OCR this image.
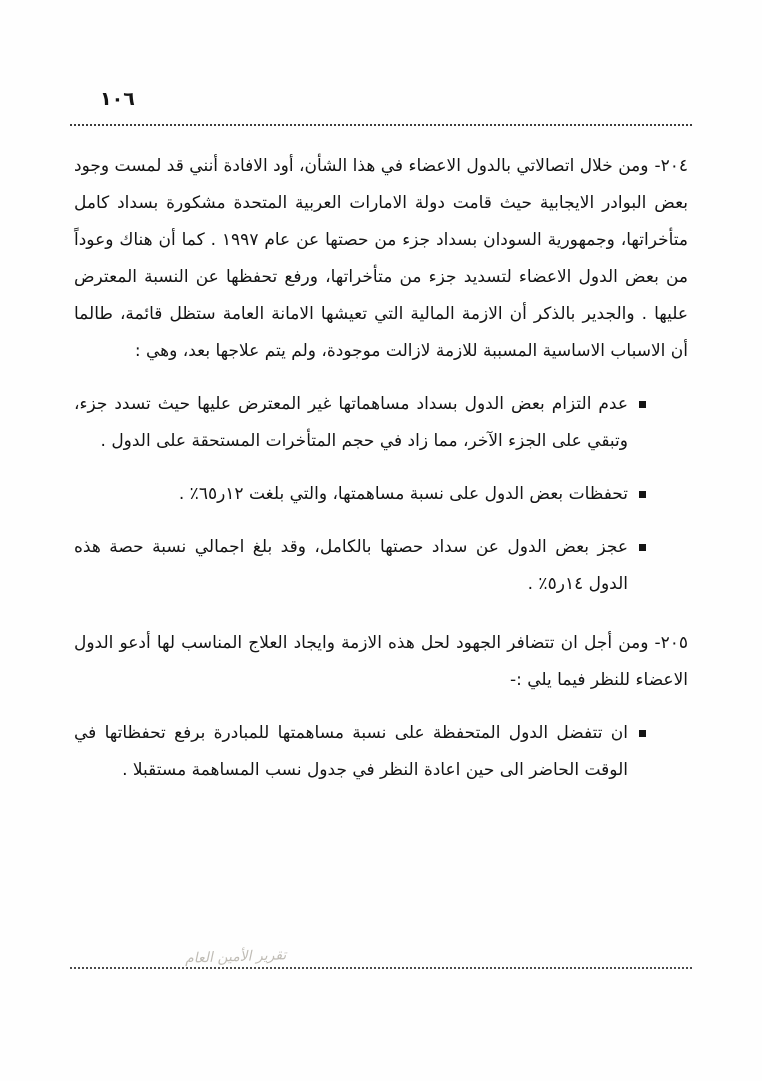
١٠٦

٢٠٤-ومن خلال اتصالاتي بالدول الاعضاء في هذا الشأن، أود الافادة أنني قد لمست وجود بعض البوادر الايجابية حيث قامت دولة الامارات العربية المتحدة مشكورة بسداد كامل متأخراتها، وجمهورية السودان بسداد جزء من حصتها عن عام ١٩٩٧ . كما أن هناك وعوداً من بعض الدول الاعضاء لتسديد جزء من متأخراتها، ورفع تحفظها عن النسبة المعترض عليها . والجدير بالذكر أن الازمة المالية التي تعيشها الامانة العامة ستظل قائمة، طالما أن الاسباب الاساسية المسببة للازمة لازالت موجودة، ولم يتم علاجها بعد، وهي :

عدم التزام بعض الدول بسداد مساهماتها غير المعترض عليها حيث تسدد جزء، وتبقي على الجزء الآخر، مما زاد في حجم المتأخرات المستحقة على الدول .
تحفظات بعض الدول على نسبة مساهمتها، والتي بلغت ١٢ر٦٥٪ .
عجز بعض الدول عن سداد حصتها بالكامل، وقد بلغ اجمالي نسبة حصة هذه الدول ١٤ر٥٪ .

٢٠٥-ومن أجل ان تتضافر الجهود لحل هذه الازمة وايجاد العلاج المناسب لها أدعو الدول الاعضاء للنظر فيما يلي :-

ان تتفضل الدول المتحفظة على نسبة مساهمتها للمبادرة برفع تحفظاتها في الوقت الحاضر الى حين اعادة النظر في جدول نسب المساهمة مستقبلا .
تقرير الأمين العام
